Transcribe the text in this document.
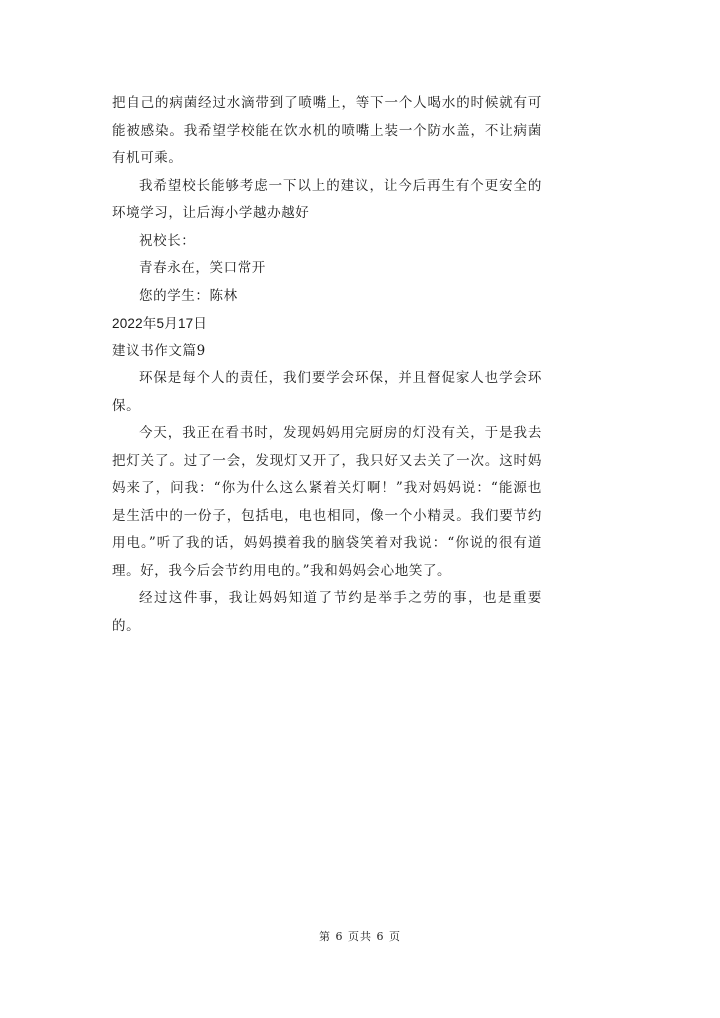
把自己的病菌经过水滴带到了喷嘴上，等下一个人喝水的时候就有可能被感染。我希望学校能在饮水机的喷嘴上装一个防水盖，不让病菌有机可乘。

我希望校长能够考虑一下以上的建议，让今后再生有个更安全的环境学习，让后海小学越办越好

祝校长：

青春永在，笑口常开

您的学生：陈林

2022年5月17日

建议书作文篇9

环保是每个人的责任，我们要学会环保，并且督促家人也学会环保。

今天，我正在看书时，发现妈妈用完厨房的灯没有关，于是我去把灯关了。过了一会，发现灯又开了，我只好又去关了一次。这时妈妈来了，问我：“你为什么这么紧着关灯啊！”我对妈妈说：“能源也是生活中的一份子，包括电，电也相同，像一个小精灵。我们要节约用电。”听了我的话，妈妈摸着我的脑袋笑着对我说：“你说的很有道理。好，我今后会节约用电的。”我和妈妈会心地笑了。

经过这件事，我让妈妈知道了节约是举手之劳的事，也是重要的。

第 6 页共 6 页
